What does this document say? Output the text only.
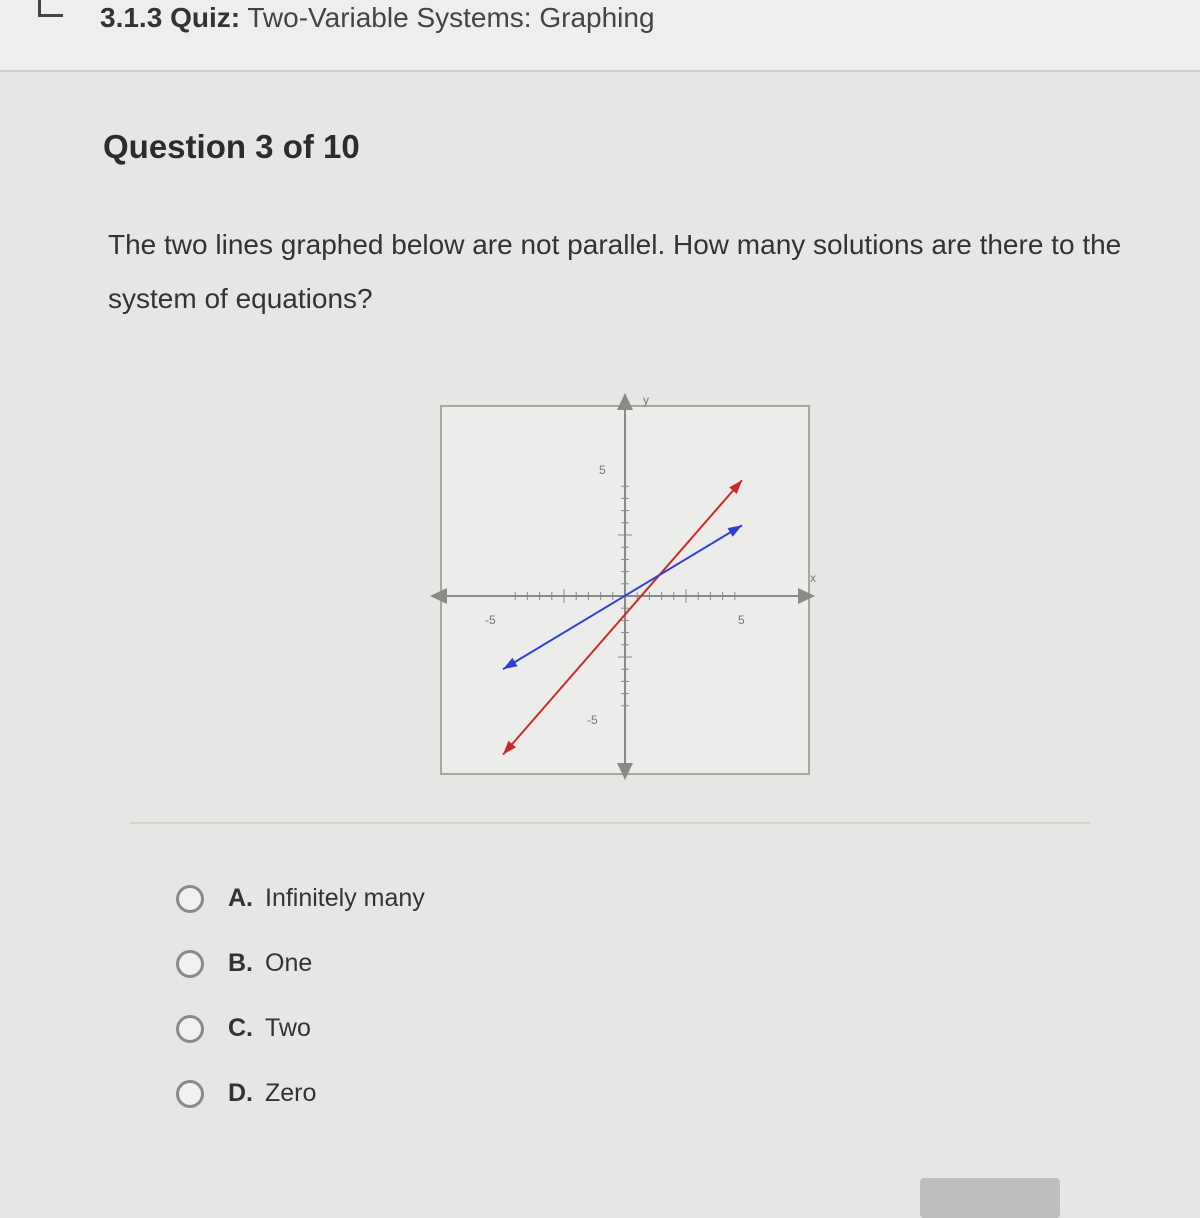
3.1.3 Quiz: Two-Variable Systems: Graphing
Question 3 of 10
The two lines graphed below are not parallel. How many solutions are there to the system of equations?
x
y
-5	5
5
-5
A. Infinitely many
B. One
C. Two
D. Zero
